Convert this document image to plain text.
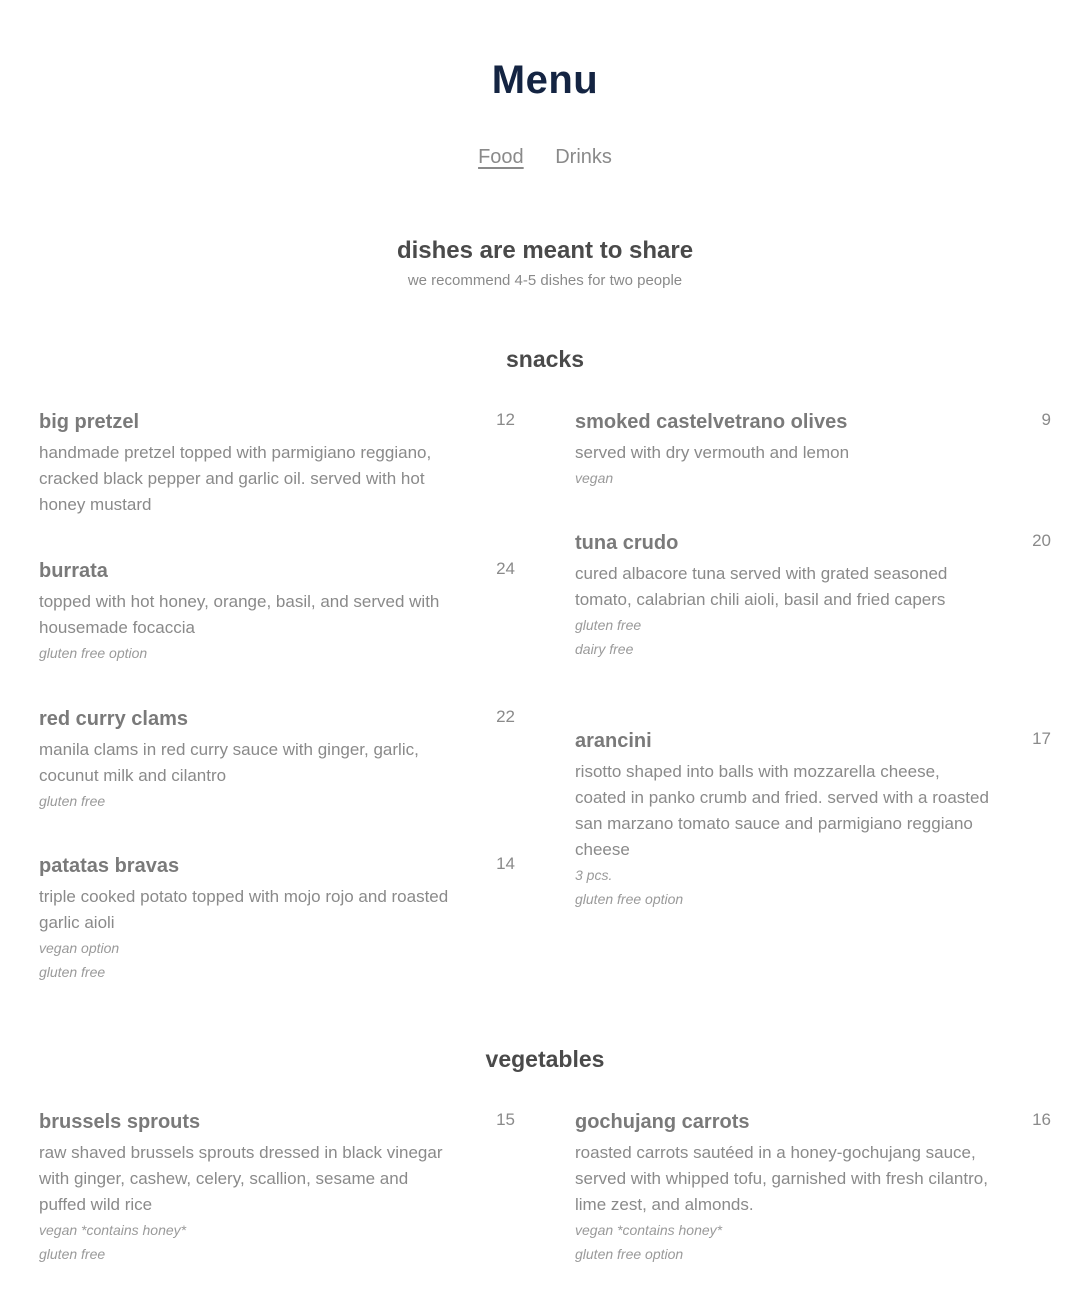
Menu
Food Drinks
dishes are meant to share
we recommend 4-5 dishes for two people
snacks
big pretzel	12
handmade pretzel topped with parmigiano reggiano, cracked black pepper and garlic oil. served with hot honey mustard
smoked castelvetrano olives	9
served with dry vermouth and lemon
vegan
burrata	24
topped with hot honey, orange, basil, and served with housemade focaccia
gluten free option
tuna crudo	20
cured albacore tuna served with grated seasoned tomato, calabrian chili aioli, basil and fried capers
gluten free
dairy free
red curry clams	22
manila clams in red curry sauce with ginger, garlic, cocunut milk and cilantro
gluten free
arancini	17
risotto shaped into balls with mozzarella cheese, coated in panko crumb and fried. served with a roasted san marzano tomato sauce and parmigiano reggiano cheese
3 pcs.
gluten free option
patatas bravas	14
triple cooked potato topped with mojo rojo and roasted garlic aioli
vegan option
gluten free
vegetables
brussels sprouts	15
raw shaved brussels sprouts dressed in black vinegar with ginger, cashew, celery, scallion, sesame and puffed wild rice
vegan *contains honey*
gluten free
gochujang carrots	16
roasted carrots sautéed in a honey-gochujang sauce, served with whipped tofu, garnished with fresh cilantro, lime zest, and almonds.
vegan *contains honey*
gluten free option
